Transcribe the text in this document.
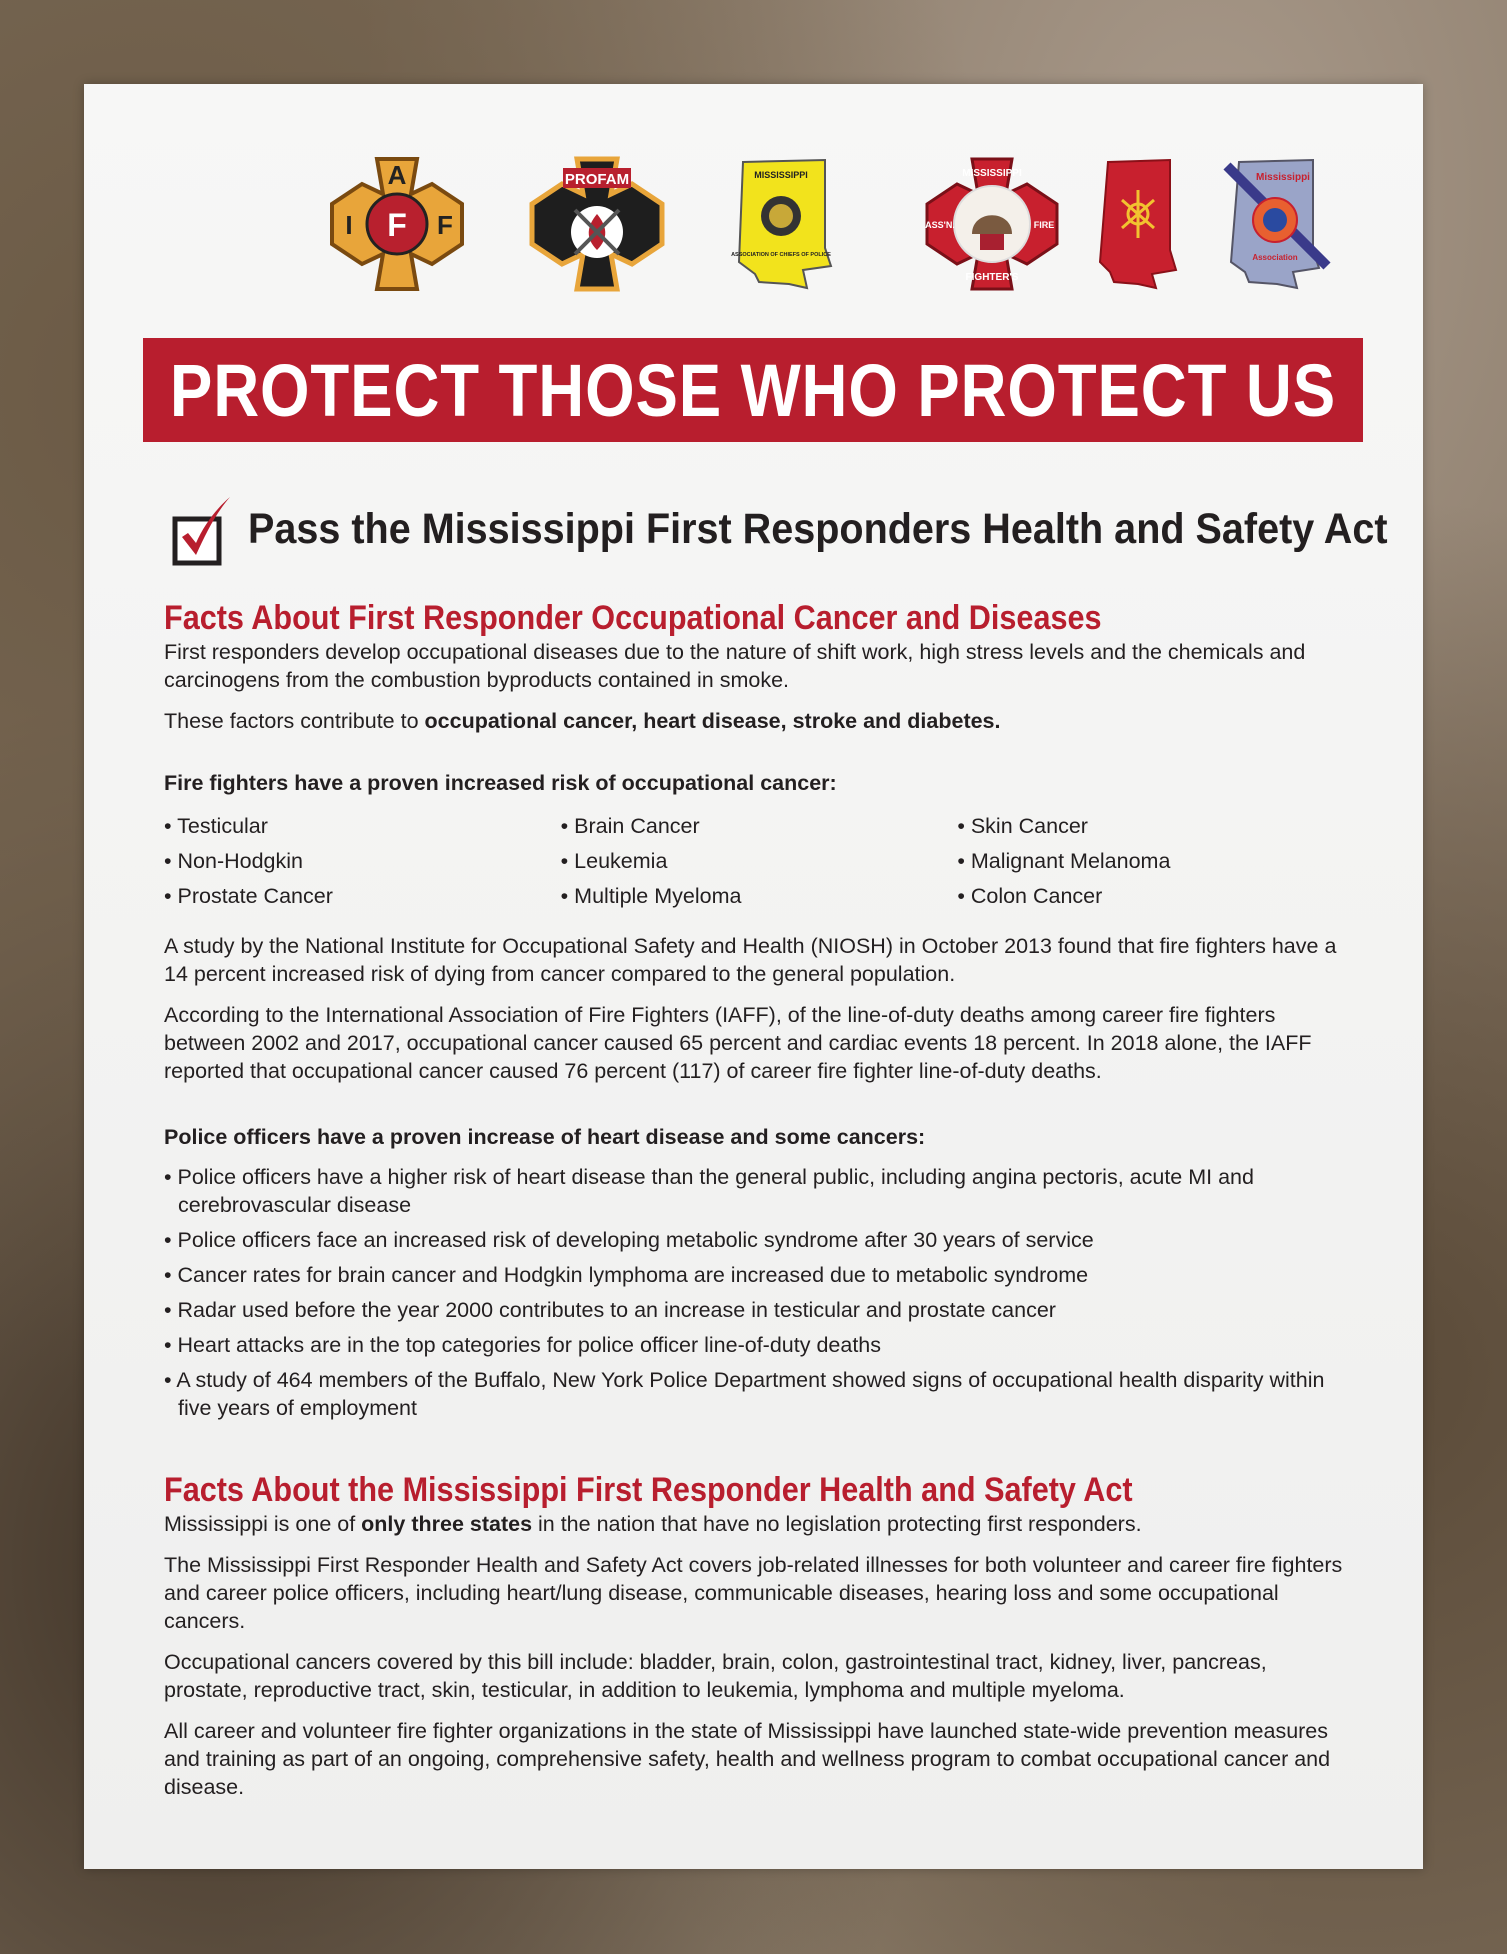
A
I F F
PROFAM	MISSISSIPPI
ASSOCIATION OF CHIEFS OF POLICE
MISSISSIPPI
ASS'N.	FIRE
FIGHTER'S
Mississippi
Association
PROTECT THOSE WHO PROTECT US
Pass the Mississippi First Responders Health and Safety Act
Facts About First Responder Occupational Cancer and Diseases

First responders develop occupational diseases due to the nature of shift work, high stress levels and the chemicals and carcinogens from the combustion byproducts contained in smoke.

These factors contribute to occupational cancer, heart disease, stroke and diabetes.

Fire fighters have a proven increased risk of occupational cancer:
• Testicular
• Non-Hodgkin
• Prostate Cancer
• Brain Cancer
• Leukemia
• Multiple Myeloma
• Skin Cancer
• Malignant Melanoma
• Colon Cancer

A study by the National Institute for Occupational Safety and Health (NIOSH) in October 2013 found that fire fighters have a 14 percent increased risk of dying from cancer compared to the general population.

According to the International Association of Fire Fighters (IAFF), of the line-of-duty deaths among career fire fighters between 2002 and 2017, occupational cancer caused 65 percent and cardiac events 18 percent. In 2018 alone, the IAFF reported that occupational cancer caused 76 percent (117) of career fire fighter line-of-duty deaths.

Police officers have a proven increase of heart disease and some cancers:
• Police officers have a higher risk of heart disease than the general public, including angina pectoris, acute MI and cerebrovascular disease
• Police officers face an increased risk of developing metabolic syndrome after 30 years of service
• Cancer rates for brain cancer and Hodgkin lymphoma are increased due to metabolic syndrome
• Radar used before the year 2000 contributes to an increase in testicular and prostate cancer
• Heart attacks are in the top categories for police officer line-of-duty deaths
• A study of 464 members of the Buffalo, New York Police Department showed signs of occupational health disparity within five years of employment
Facts About the Mississippi First Responder Health and Safety Act

Mississippi is one of only three states in the nation that have no legislation protecting first responders.

The Mississippi First Responder Health and Safety Act covers job-related illnesses for both volunteer and career fire fighters and career police officers, including heart/lung disease, communicable diseases, hearing loss and some occupational cancers.

Occupational cancers covered by this bill include: bladder, brain, colon, gastrointestinal tract, kidney, liver, pancreas, prostate, reproductive tract, skin, testicular, in addition to leukemia, lymphoma and multiple myeloma.

All career and volunteer fire fighter organizations in the state of Mississippi have launched state-wide prevention measures and training as part of an ongoing, comprehensive safety, health and wellness program to combat occupational cancer and disease.
